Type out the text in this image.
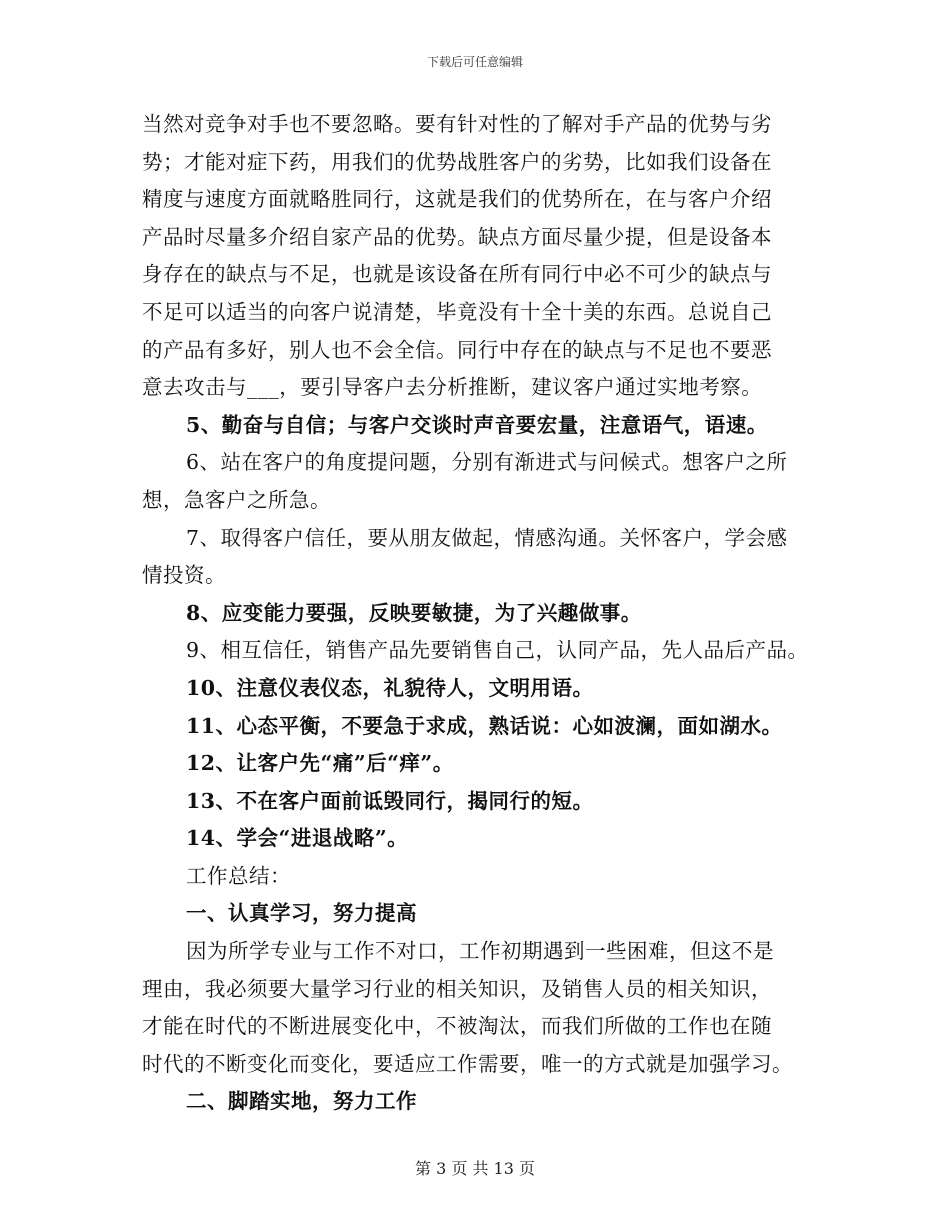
下载后可任意编辑
当然对竞争对手也不要忽略。要有针对性的了解对手产品的优势与劣
势；才能对症下药，用我们的优势战胜客户的劣势，比如我们设备在
精度与速度方面就略胜同行，这就是我们的优势所在，在与客户介绍
产品时尽量多介绍自家产品的优势。缺点方面尽量少提，但是设备本
身存在的缺点与不足，也就是该设备在所有同行中必不可少的缺点与
不足可以适当的向客户说清楚，毕竟没有十全十美的东西。总说自己
的产品有多好，别人也不会全信。同行中存在的缺点与不足也不要恶
意去攻击与___，要引导客户去分析推断，建议客户通过实地考察。
5、勤奋与自信；与客户交谈时声音要宏量，注意语气，语速。
6、站在客户的角度提问题，分别有渐进式与问候式。想客户之所
想，急客户之所急。
7、取得客户信任，要从朋友做起，情感沟通。关怀客户，学会感
情投资。
8、应变能力要强，反映要敏捷，为了兴趣做事。
9、相互信任，销售产品先要销售自己，认同产品，先人品后产品。
10、注意仪表仪态，礼貌待人，文明用语。
11、心态平衡，不要急于求成，熟话说：心如波澜，面如湖水。
12、让客户先“痛”后“痒”。
13、不在客户面前诋毁同行，揭同行的短。
14、学会“进退战略”。
工作总结：
一、认真学习，努力提高
因为所学专业与工作不对口，工作初期遇到一些困难，但这不是
理由，我必须要大量学习行业的相关知识，及销售人员的相关知识，
才能在时代的不断进展变化中，不被淘汰，而我们所做的工作也在随
时代的不断变化而变化，要适应工作需要，唯一的方式就是加强学习。
二、脚踏实地，努力工作
第 3 页 共 13 页
